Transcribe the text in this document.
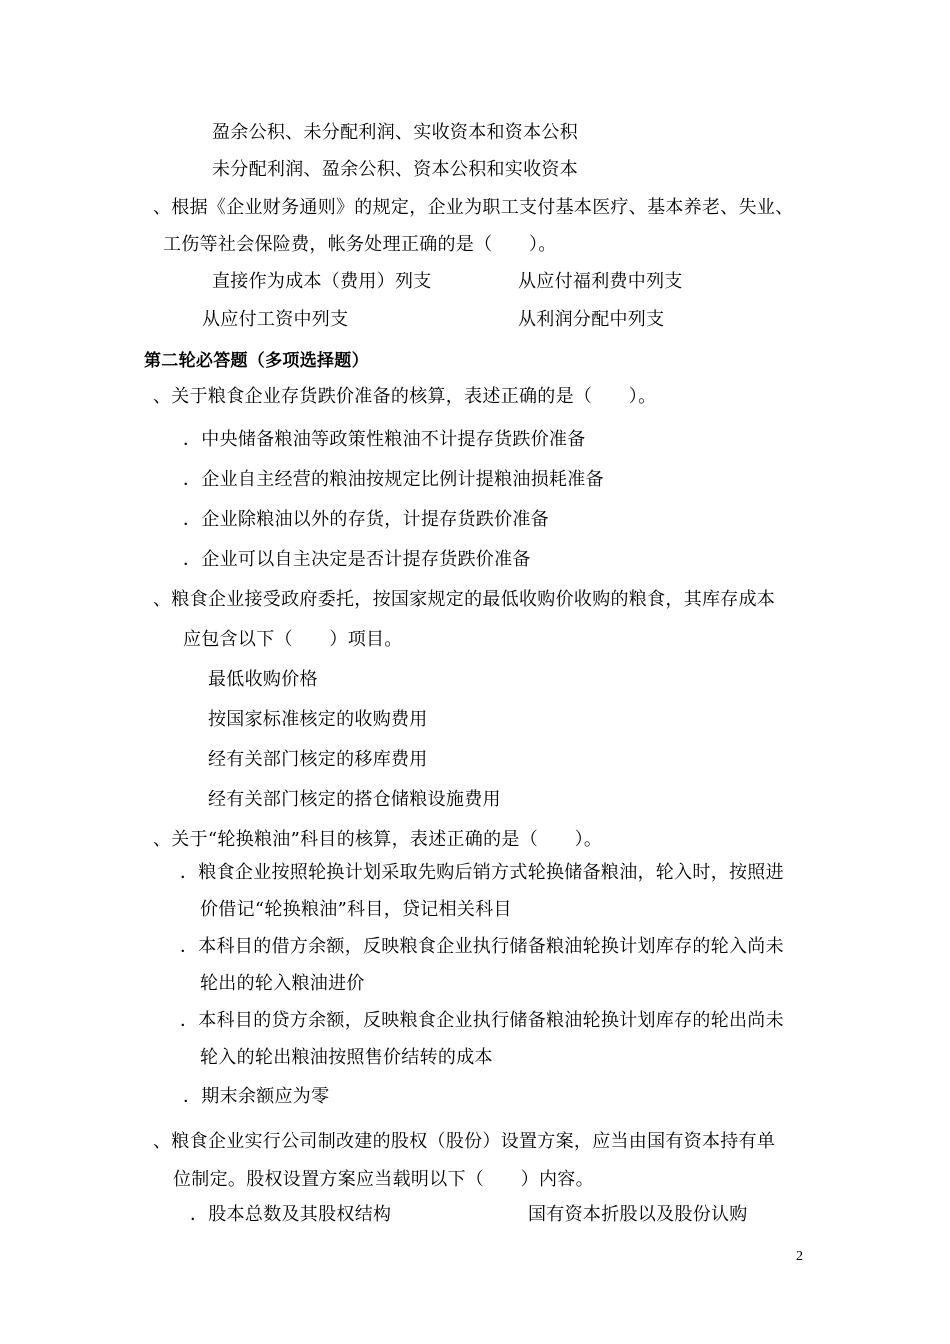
盈余公积、未分配利润、实收资本和资本公积
未分配利润、盈余公积、资本公积和实收资本
、根据《企业财务通则》的规定，企业为职工支付基本医疗、基本养老、失业、
工伤等社会保险费，帐务处理正确的是（　　）。
直接作为成本（费用）列支	从应付福利费中列支
从应付工资中列支	从利润分配中列支
第二轮必答题（多项选择题）
、关于粮食企业存货跌价准备的核算，表述正确的是（　　）。
．中央储备粮油等政策性粮油不计提存货跌价准备
．企业自主经营的粮油按规定比例计提粮油损耗准备
．企业除粮油以外的存货，计提存货跌价准备
．企业可以自主决定是否计提存货跌价准备
、粮食企业接受政府委托，按国家规定的最低收购价收购的粮食，其库存成本
应包含以下（　　）项目。
最低收购价格
按国家标准核定的收购费用
经有关部门核定的移库费用
经有关部门核定的搭仓储粮设施费用
、关于“轮换粮油”科目的核算，表述正确的是（　　）。
．粮食企业按照轮换计划采取先购后销方式轮换储备粮油，轮入时，按照进
价借记“轮换粮油”科目，贷记相关科目
．本科目的借方余额，反映粮食企业执行储备粮油轮换计划库存的轮入尚未
轮出的轮入粮油进价
．本科目的贷方余额，反映粮食企业执行储备粮油轮换计划库存的轮出尚未
轮入的轮出粮油按照售价结转的成本
．期末余额应为零
、粮食企业实行公司制改建的股权（股份）设置方案，应当由国有资本持有单
位制定。股权设置方案应当载明以下（　　）内容。
．股本总数及其股权结构	国有资本折股以及股份认购
2
